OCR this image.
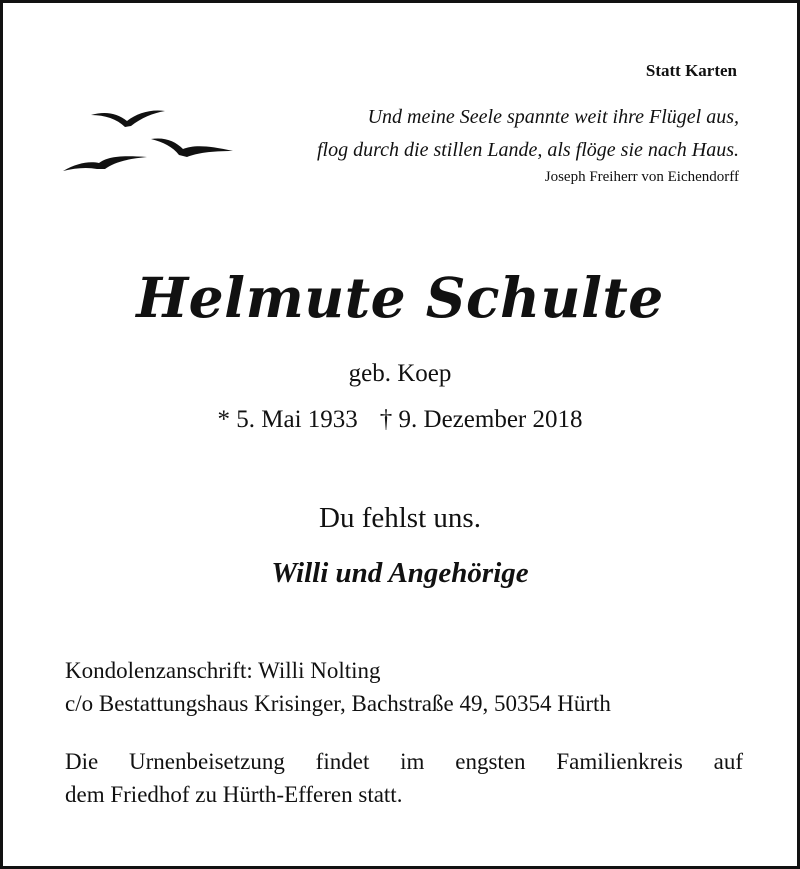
Statt Karten
Und meine Seele spannte weit ihre Flügel aus,
flog durch die stillen Lande, als flöge sie nach Haus.
Joseph Freiherr von Eichendorff
Helmute Schulte
geb. Koep
* 5. Mai 1933 † 9. Dezember 2018
Du fehlst uns.
Willi und Angehörige
Kondolenzanschrift: Willi Nolting
c/o Bestattungshaus Krisinger, Bachstraße 49, 50354 Hürth
Die Urnenbeisetzung findet im engsten Familienkreis auf
dem Friedhof zu Hürth-Efferen statt.
